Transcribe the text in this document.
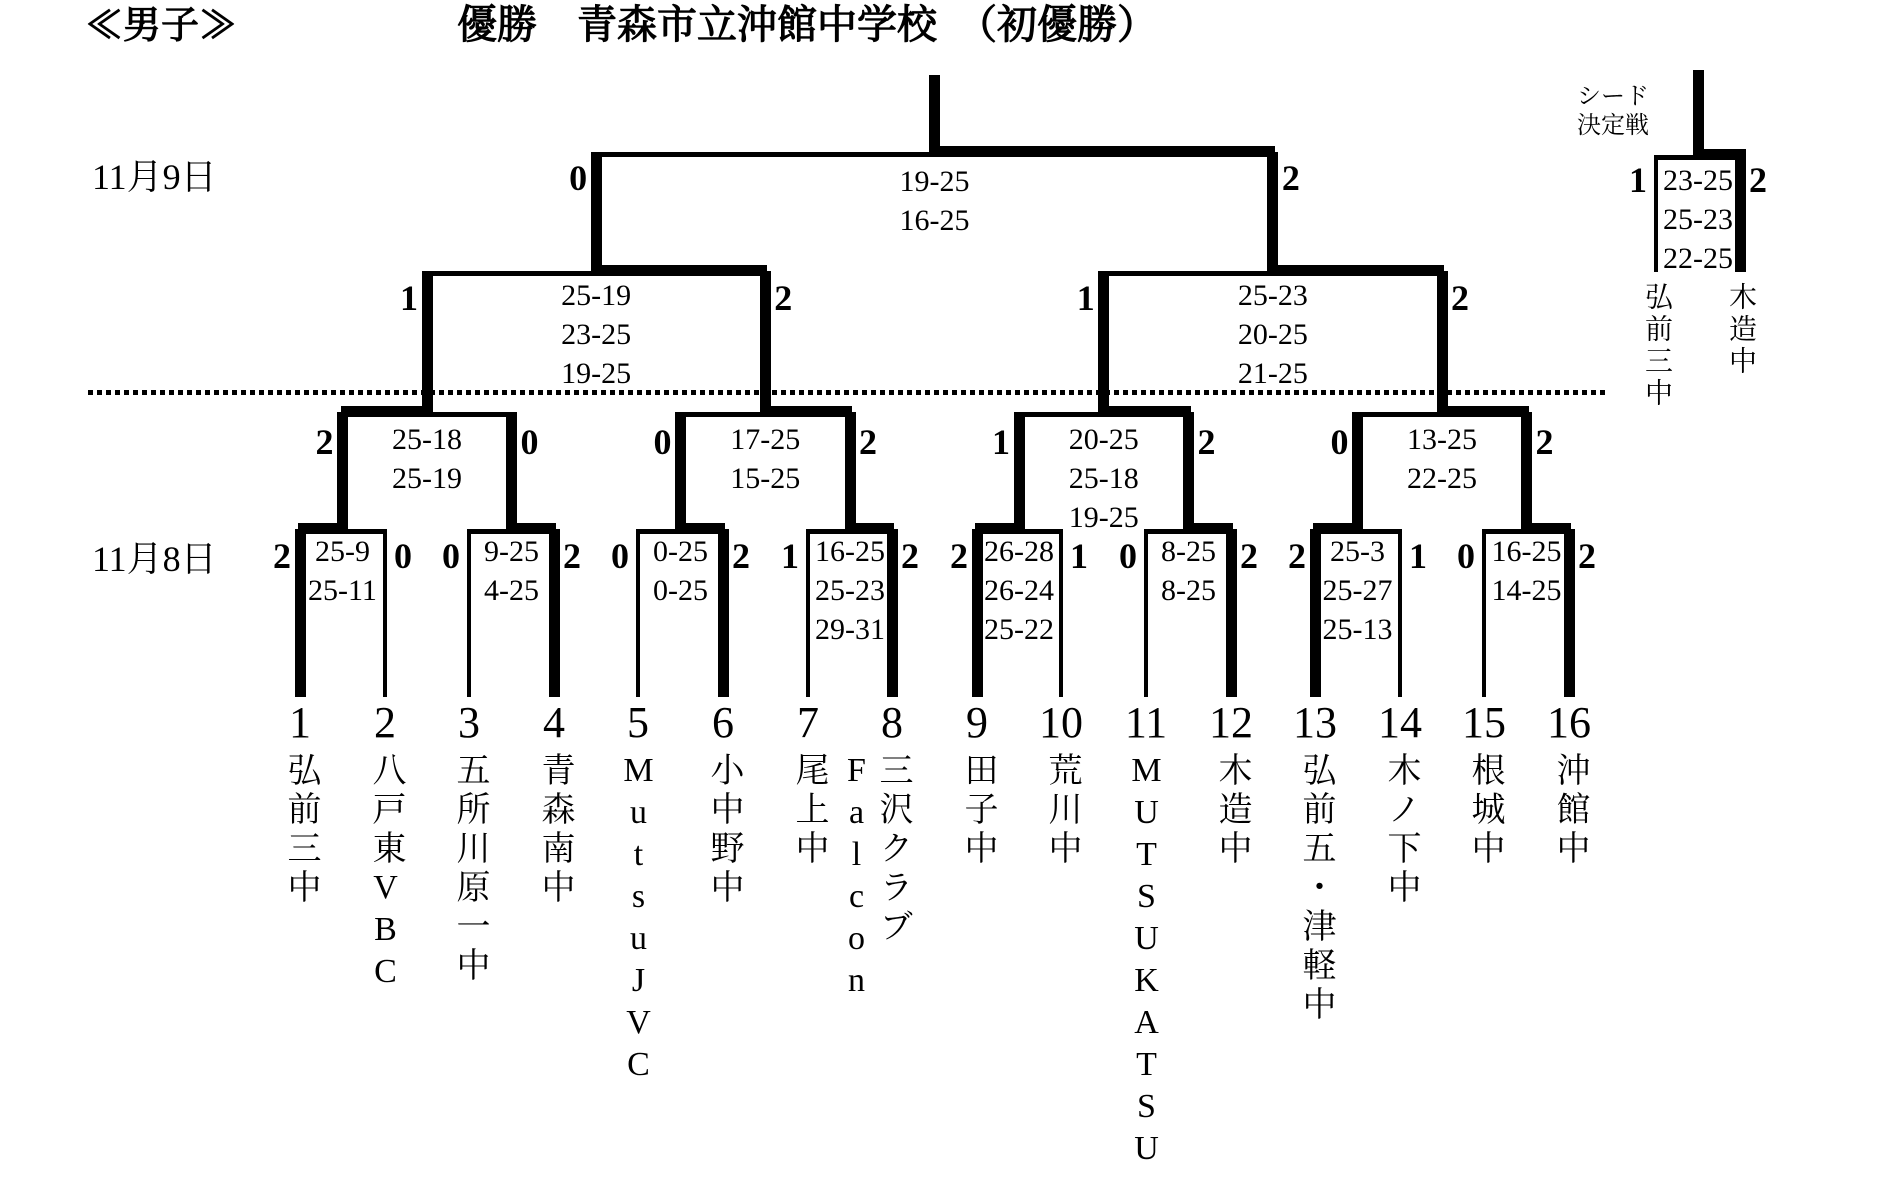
≪男子≫	優勝　青森市立沖館中学校　（初優勝）
11月9日
11月8日	25-9
25-11
2	0	9-25
4-25
0	2	0-25
0-25
0	2	16-25
25-23
29-31
1	2	26-28
26-24
25-22
2	1	8-25
8-25
0	2	25-3
25-27
25-13
2	1	16-25
14-25
0	2
25-18
25-19
2	0	17-25
15-25
0	2	20-25
25-18
19-25
1	2	13-25
22-25
0	2
25-19
23-25
19-25
1	2	25-23
20-25
21-25
1	2
19-25
16-25
0	2
1
弘前三中
2
八戸東VBC
3
五所川原一中
4
青森南中
5
MutsuJVC
6
小中野中
7
尾上中
8
三沢クラブFalcon
9
田子中
10
荒川中
11
MUTSUKATSU
12
木造中
13
弘前五・津軽中
14
木ノ下中
15
根城中
16
沖館中
23-25
25-23
22-25
1	2
シード
決定戦
弘前三中 木造中
